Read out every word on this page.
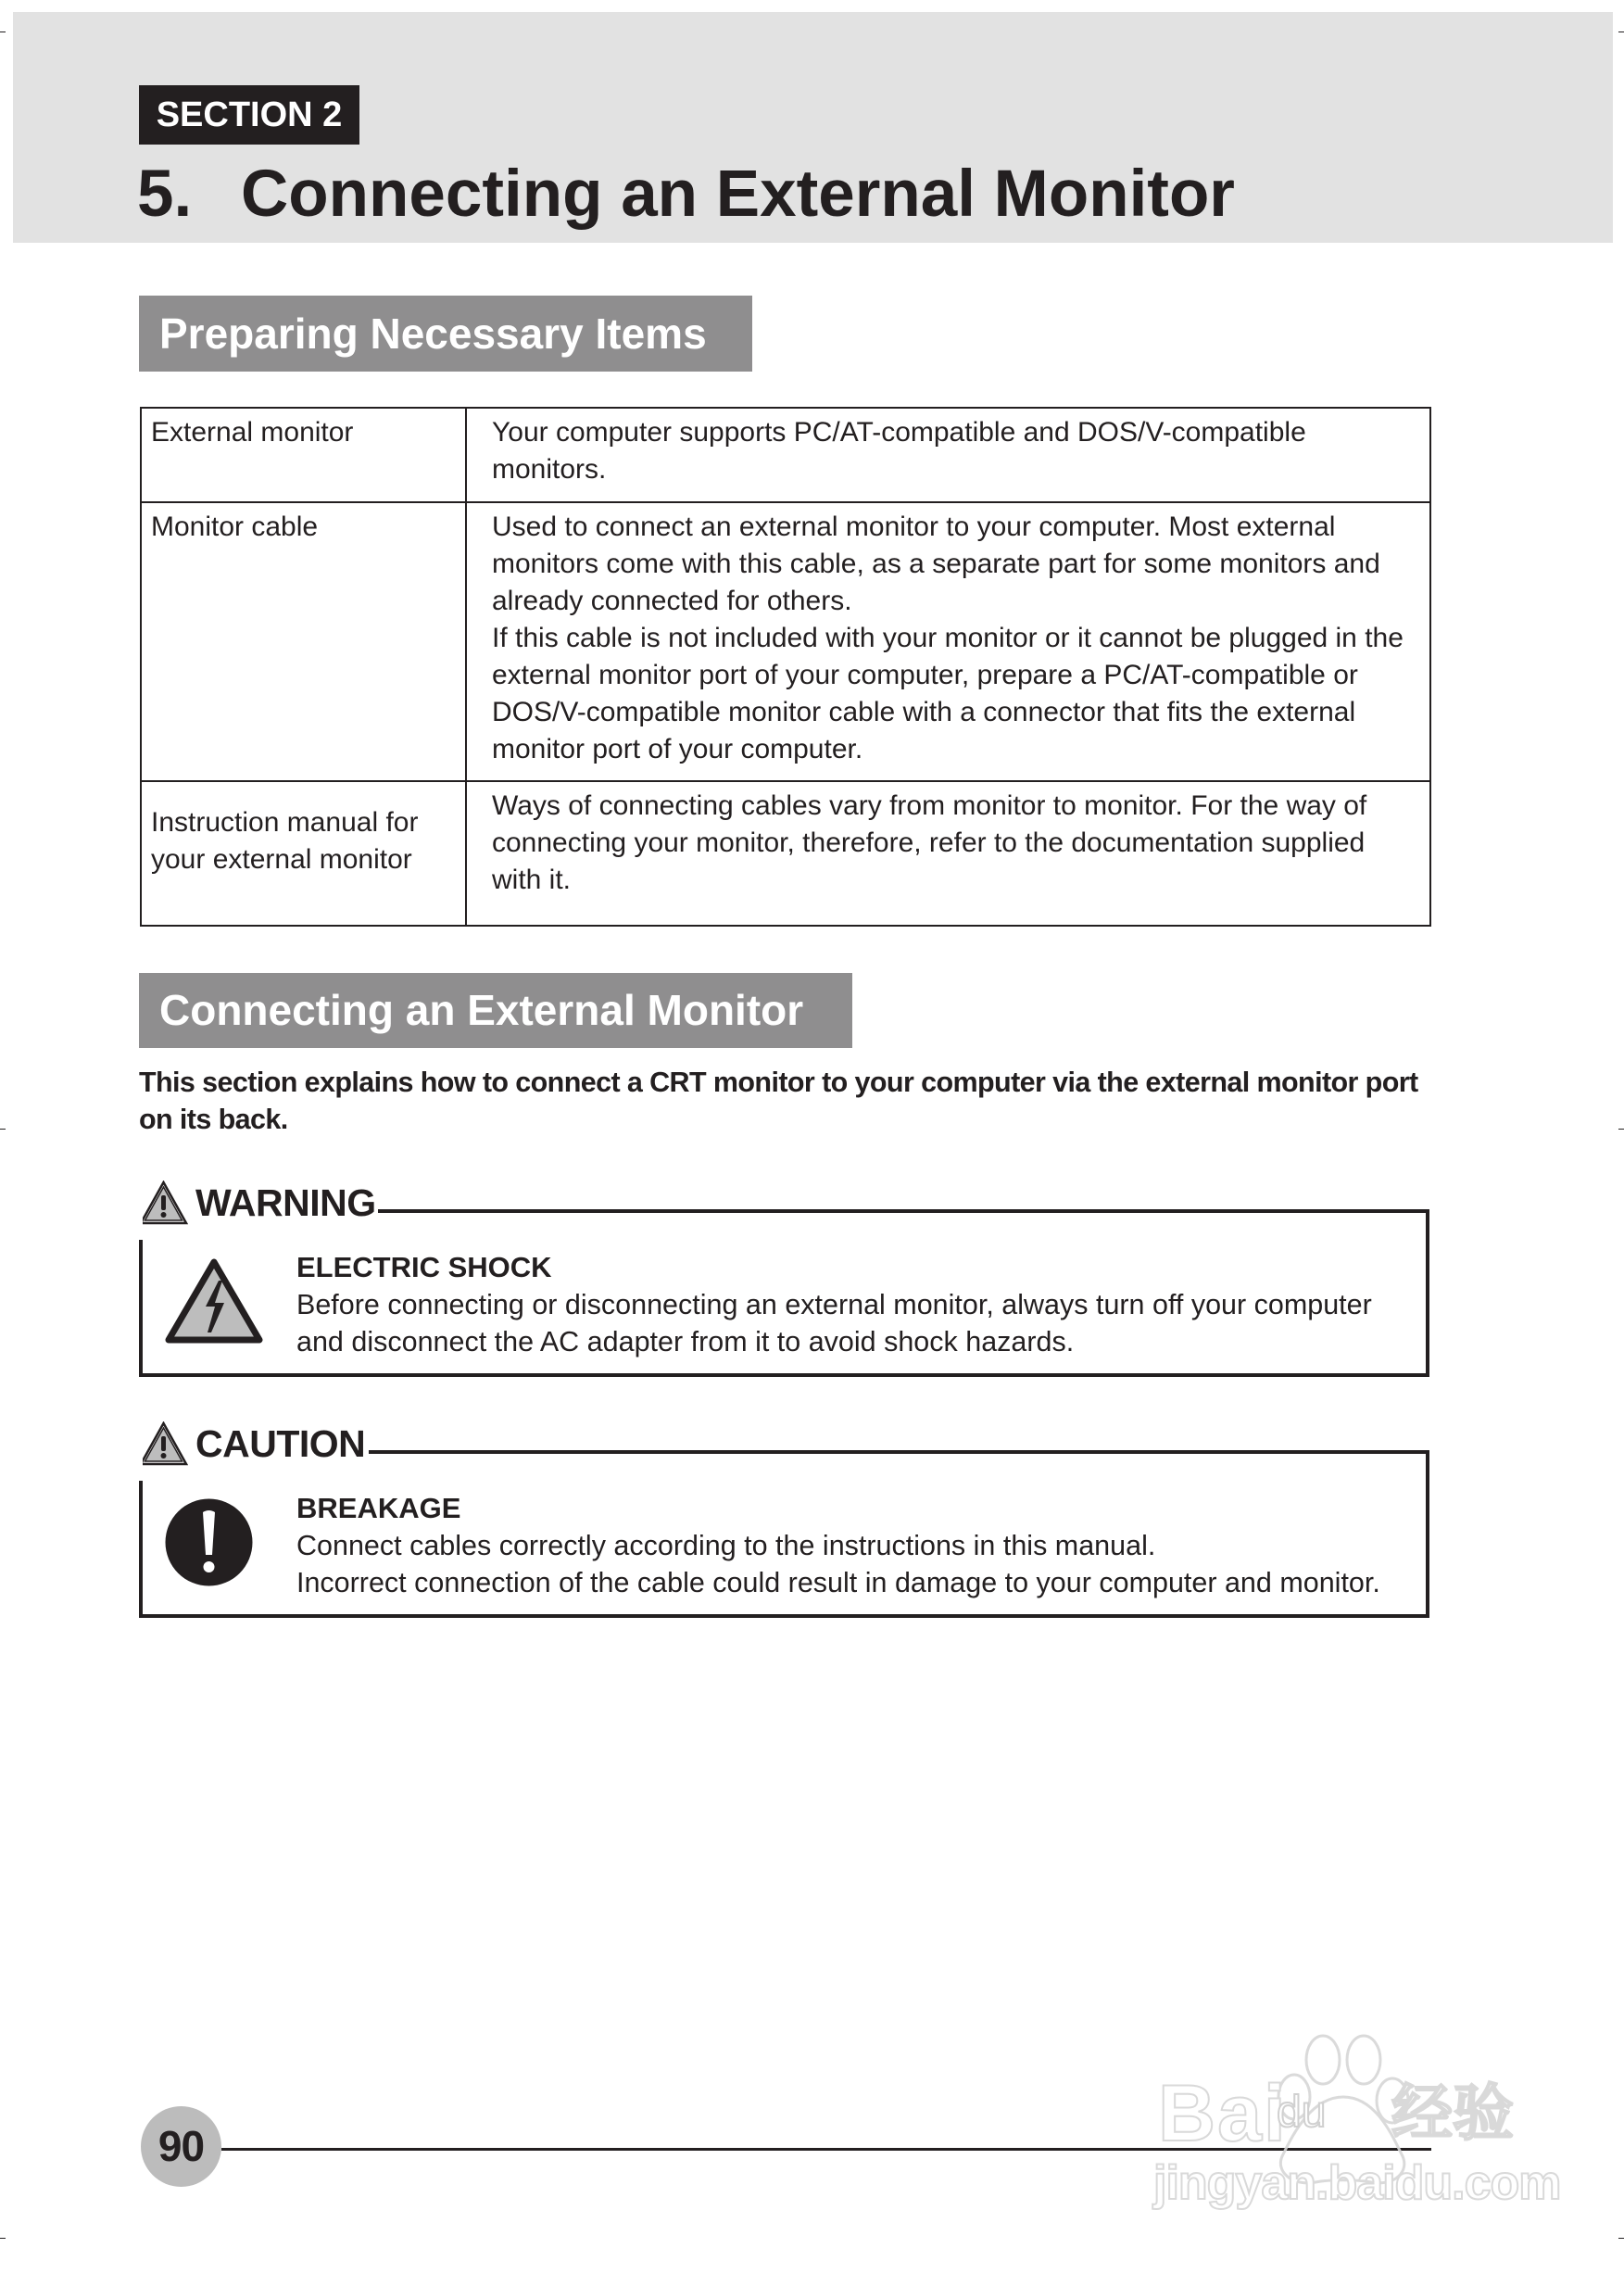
SECTION 2
5. Connecting an External Monitor
Preparing Necessary Items
External monitor	Your computer supports PC/AT-compatible and DOS/V-compatible monitors.
Monitor cable	Used to connect an external monitor to your computer. Most external monitors come with this cable, as a separate part for some monitors and already connected for others.
If this cable is not included with your monitor or it cannot be plugged in the external monitor port of your computer, prepare a PC/AT-compatible or DOS/V-compatible monitor cable with a connector that fits the external monitor port of your computer.

Instruction manual for your external monitor	Ways of connecting cables vary from monitor to monitor. For the way of connecting your monitor, therefore, refer to the documentation supplied with it.
Connecting an External Monitor

This section explains how to connect a CRT monitor to your computer via the external monitor port on its back.

WARNING
ELECTRIC SHOCK
Before connecting or disconnecting an external monitor, always turn off your computer
and disconnect the AC adapter from it to avoid shock hazards.
CAUTION
BREAKAGE
Connect cables correctly according to the instructions in this manual.
Incorrect connection of the cable could result in damage to your computer and monitor.
90	Bai
du 经验
jingyan.baidu.com
